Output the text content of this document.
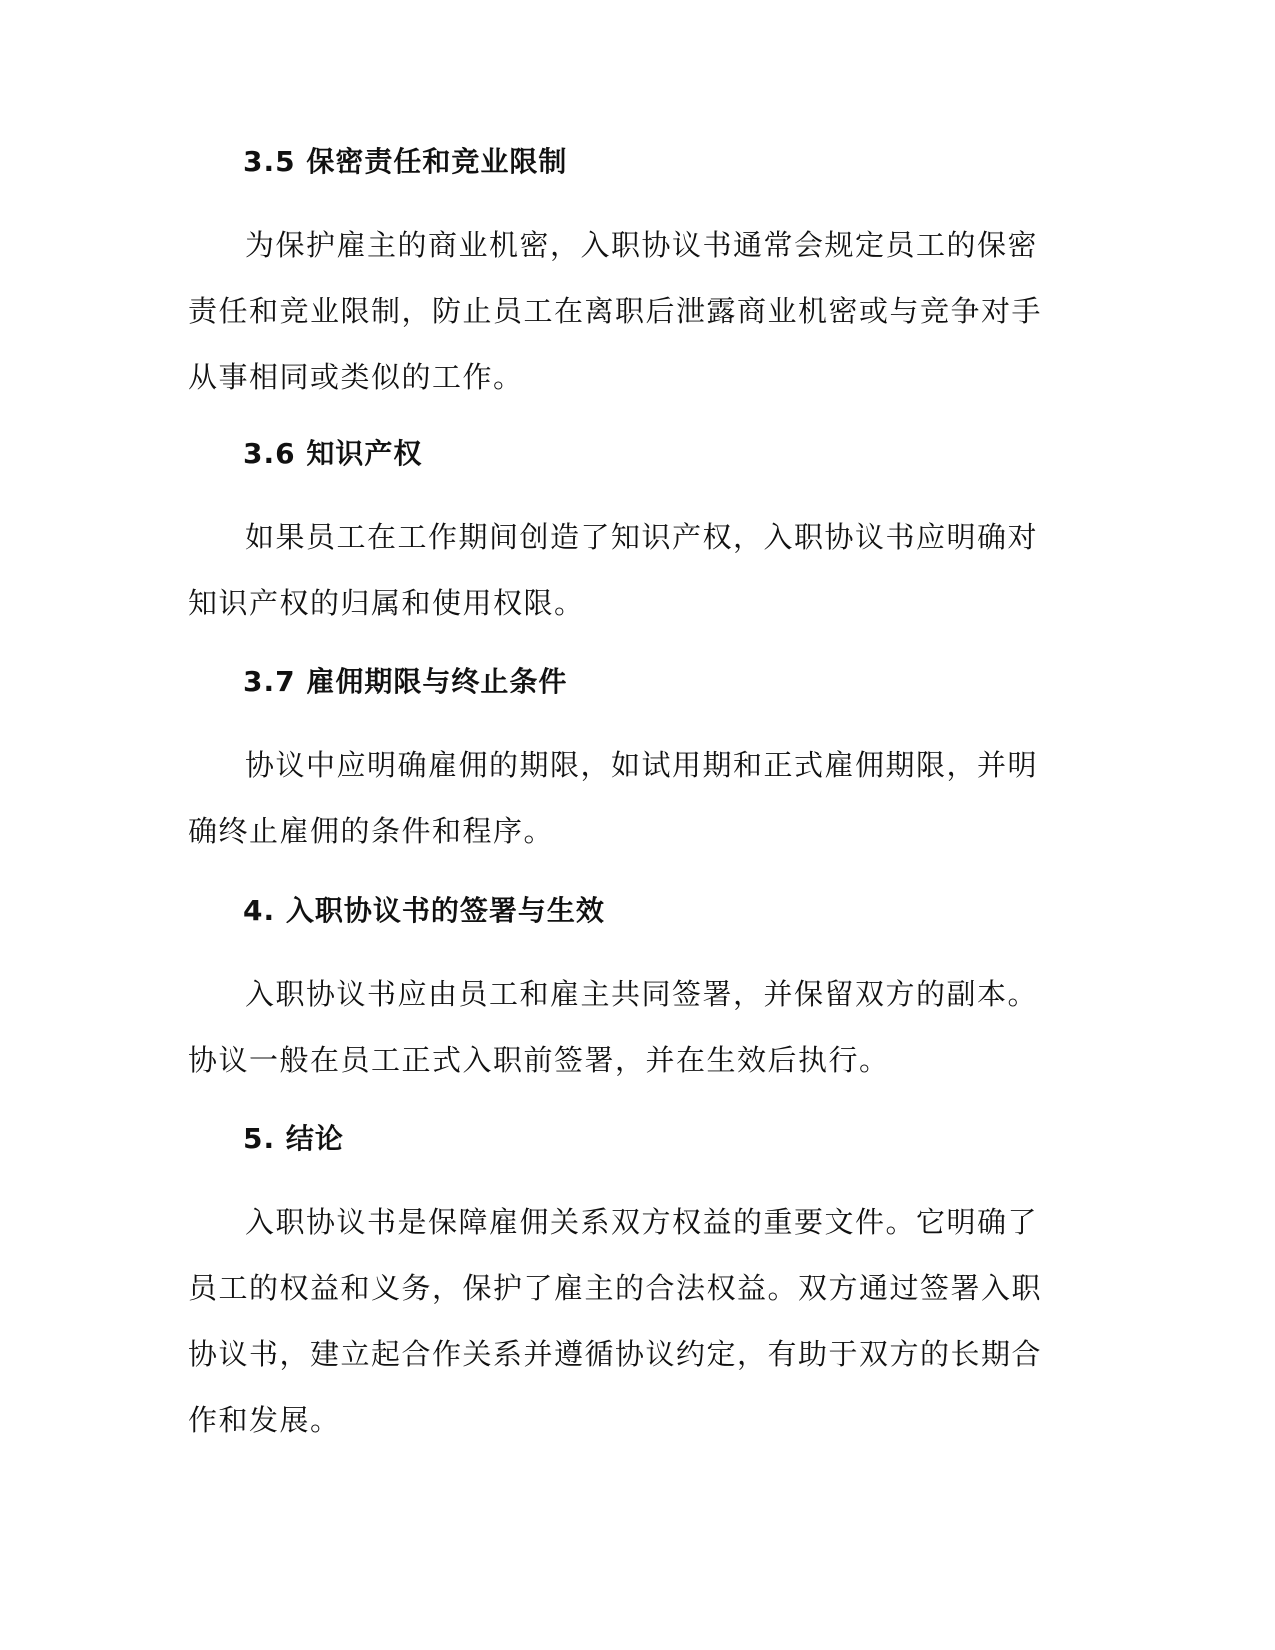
3.5 保密责任和竞业限制

为保护雇主的商业机密，入职协议书通常会规定员工的保密责任和竞业限制，防止员工在离职后泄露商业机密或与竞争对手从事相同或类似的工作。

3.6 知识产权

如果员工在工作期间创造了知识产权，入职协议书应明确对知识产权的归属和使用权限。

3.7 雇佣期限与终止条件

协议中应明确雇佣的期限，如试用期和正式雇佣期限，并明确终止雇佣的条件和程序。

4. 入职协议书的签署与生效

入职协议书应由员工和雇主共同签署，并保留双方的副本。协议一般在员工正式入职前签署，并在生效后执行。

5. 结论

入职协议书是保障雇佣关系双方权益的重要文件。它明确了员工的权益和义务，保护了雇主的合法权益。双方通过签署入职协议书，建立起合作关系并遵循协议约定，有助于双方的长期合作和发展。
